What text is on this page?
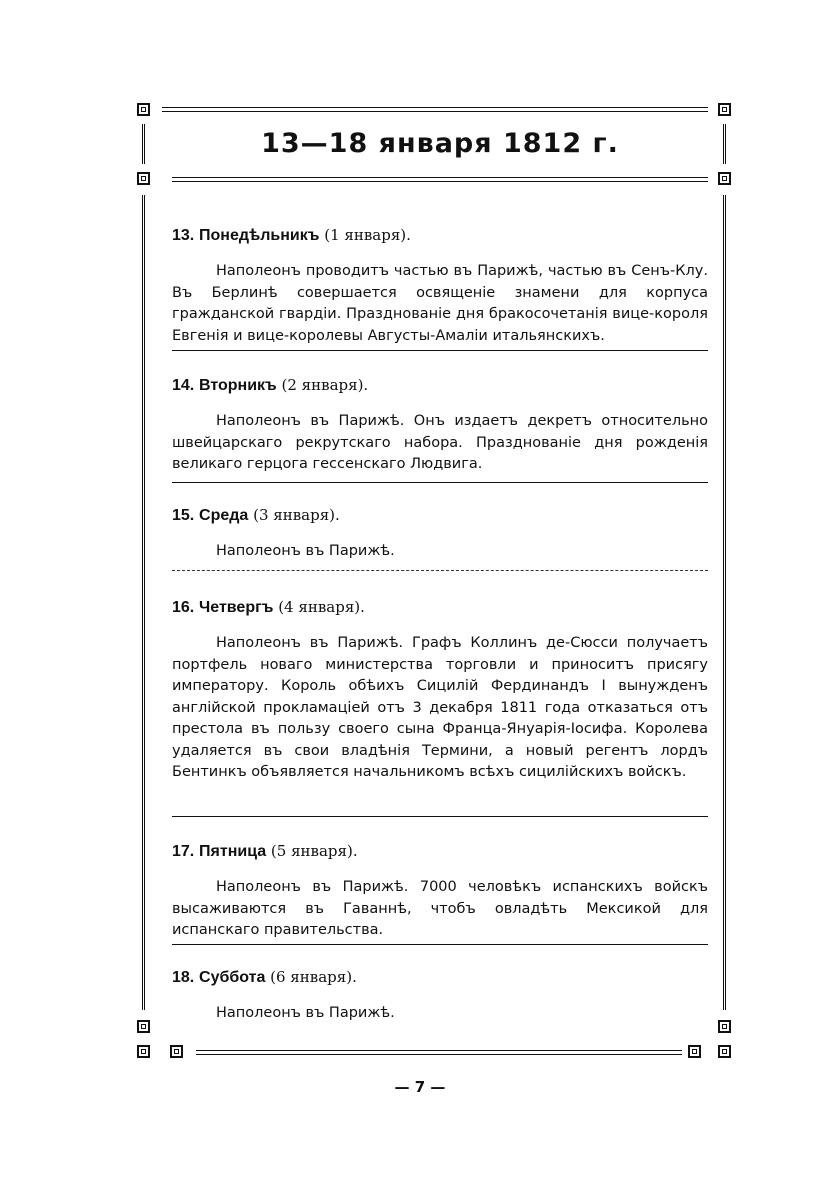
13—18 января 1812 г.
13. Понедѣльникъ (1 января).
Наполеонъ проводитъ частью въ Парижѣ, частью въ Сенъ-Клу. Въ Берлинѣ совершается освященіе знамени для корпуса гражданской гвардіи. Празднованіе дня бракосочетанія вице-короля Евгенія и вице-королевы Августы-Амаліи итальянскихъ.
14. Вторникъ (2 января).
Наполеонъ въ Парижѣ. Онъ издаетъ декретъ относительно швейцарскаго рекрутскаго набора. Празднованіе дня рожденія великаго герцога гессенскаго Людвига.
15. Среда (3 января).
Наполеонъ въ Парижѣ.
16. Четвергъ (4 января).
Наполеонъ въ Парижѣ. Графъ Коллинъ де-Сюсси получаетъ портфель новаго министерства торговли и приноситъ присягу императору. Король обѣихъ Сицилій Фердинандъ I вынужденъ англійской прокламаціей отъ 3 декабря 1811 года отказаться отъ престола въ пользу своего сына Франца-Януарія-Іосифа. Королева удаляется въ свои владѣнія Термини, а новый регентъ лордъ Бентинкъ объявляется начальникомъ всѣхъ сицилійскихъ войскъ.
17. Пятница (5 января).
Наполеонъ въ Парижѣ. 7000 человѣкъ испанскихъ войскъ высаживаются въ Гаваннѣ, чтобъ овладѣть Мексикой для испанскаго правительства.
18. Суббота (6 января).
Наполеонъ въ Парижѣ.
— 7 —
